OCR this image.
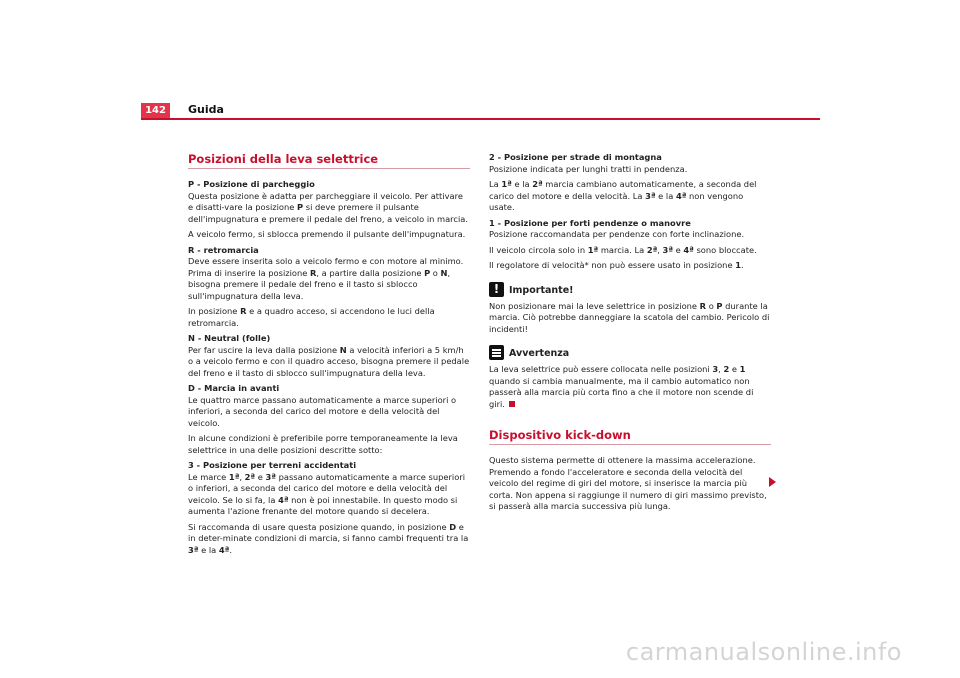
142	Guida
Posizioni della leva selettrice

P - Posizione di parcheggio

Questa posizione è adatta per parcheggiare il veicolo. Per attivare e disatti-vare la posizione P si deve premere il pulsante dell'impugnatura e premere il pedale del freno, a veicolo in marcia.

A veicolo fermo, si sblocca premendo il pulsante dell'impugnatura.

R - retromarcia

Deve essere inserita solo a veicolo fermo e con motore al minimo. Prima di inserire la posizione R, a partire dalla posizione P o N, bisogna premere il pedale del freno e il tasto si sblocco sull'impugnatura della leva.

In posizione R e a quadro acceso, si accendono le luci della retromarcia.

N - Neutral (folle)

Per far uscire la leva dalla posizione N a velocità inferiori a 5 km/h o a veicolo fermo e con il quadro acceso, bisogna premere il pedale del freno e il tasto di sblocco sull'impugnatura della leva.

D - Marcia in avanti

Le quattro marce passano automaticamente a marce superiori o inferiori, a seconda del carico del motore e della velocità del veicolo.

In alcune condizioni è preferibile porre temporaneamente la leva selettrice in una delle posizioni descritte sotto:

3 - Posizione per terreni accidentati

Le marce 1ª, 2ª e 3ª passano automaticamente a marce superiori o inferiori, a seconda del carico del motore e della velocità del veicolo. Se lo si fa, la 4ª non è poi innestabile. In questo modo si aumenta l'azione frenante del motore quando si decelera.

Si raccomanda di usare questa posizione quando, in posizione D e in deter-minate condizioni di marcia, si fanno cambi frequenti tra la 3ª e la 4ª.

2 - Posizione per strade di montagna

Posizione indicata per lunghi tratti in pendenza.

La 1ª e la 2ª marcia cambiano automaticamente, a seconda del carico del motore e della velocità. La 3ª e la 4ª non vengono usate.

1 - Posizione per forti pendenze o manovre

Posizione raccomandata per pendenze con forte inclinazione.

Il veicolo circola solo in 1ª marcia. La 2ª, 3ª e 4ª sono bloccate.

Il regolatore di velocità* non può essere usato in posizione 1.

!
Importante!

Non posizionare mai la leve selettrice in posizione R o P durante la marcia. Ciò potrebbe danneggiare la scatola del cambio. Pericolo di incidenti!

Avvertenza

La leva selettrice può essere collocata nelle posizioni 3, 2 e 1 quando si cambia manualmente, ma il cambio automatico non passerà alla marcia più corta fino a che il motore non scende di giri.

Dispositivo kick-down

Questo sistema permette di ottenere la massima accelerazione. Premendo a fondo l'acceleratore e seconda della velocità del veicolo del regime di giri del motore, si inserisce la marcia più corta. Non appena si raggiunge il numero di giri massimo previsto, si passerà alla marcia successiva più lunga.

carmanualsonline.info
